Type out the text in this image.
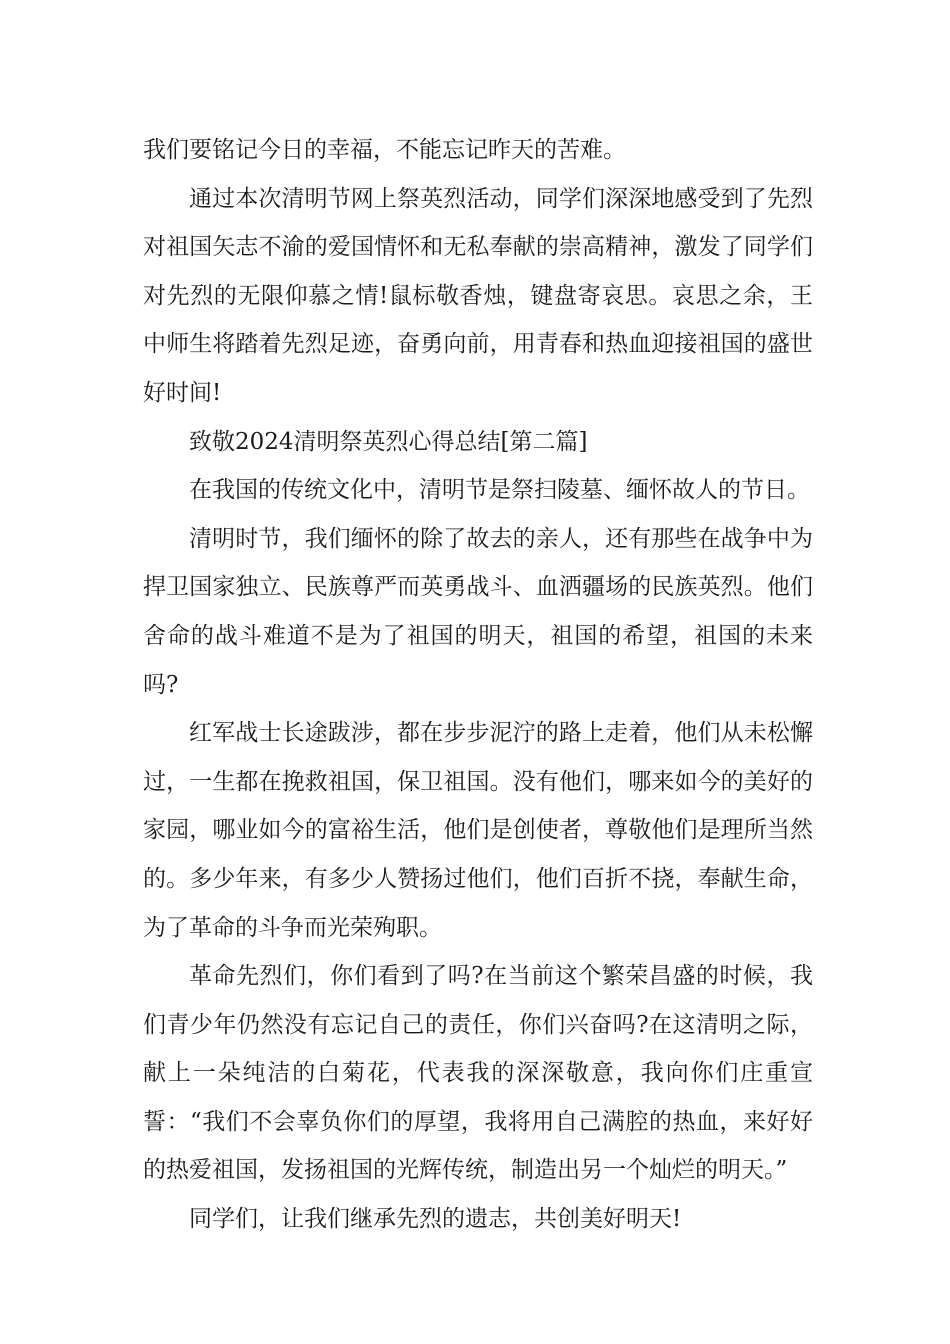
我们要铭记今日的幸福，不能忘记昨天的苦难。

通过本次清明节网上祭英烈活动，同学们深深地感受到了先烈对祖国矢志不渝的爱国情怀和无私奉献的崇高精神，激发了同学们对先烈的无限仰慕之情!鼠标敬香烛，键盘寄哀思。哀思之余，王中师生将踏着先烈足迹，奋勇向前，用青春和热血迎接祖国的盛世好时间!

致敬2024清明祭英烈心得总结[第二篇]

在我国的传统文化中，清明节是祭扫陵墓、缅怀故人的节日。

清明时节，我们缅怀的除了故去的亲人，还有那些在战争中为捍卫国家独立、民族尊严而英勇战斗、血洒疆场的民族英烈。他们舍命的战斗难道不是为了祖国的明天，祖国的希望，祖国的未来吗?

红军战士长途跋涉，都在步步泥泞的路上走着，他们从未松懈过，一生都在挽救祖国，保卫祖国。没有他们，哪来如今的美好的家园，哪业如今的富裕生活，他们是创使者，尊敬他们是理所当然的。多少年来，有多少人赞扬过他们，他们百折不挠，奉献生命，为了革命的斗争而光荣殉职。

革命先烈们，你们看到了吗?在当前这个繁荣昌盛的时候，我们青少年仍然没有忘记自己的责任，你们兴奋吗?在这清明之际，献上一朵纯洁的白菊花，代表我的深深敬意，我向你们庄重宣誓：“我们不会辜负你们的厚望，我将用自己满腔的热血，来好好的热爱祖国，发扬祖国的光辉传统，制造出另一个灿烂的明天。”

同学们，让我们继承先烈的遗志，共创美好明天!
